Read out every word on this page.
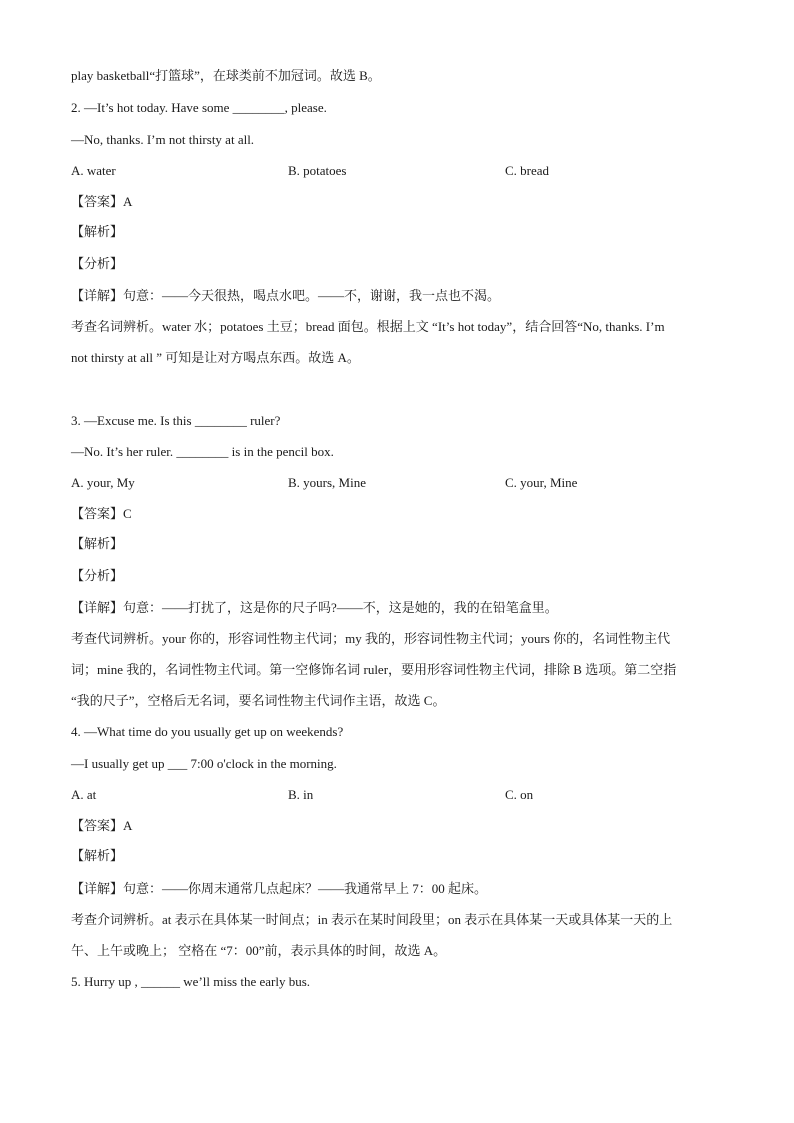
play basketball“打篮球”，在球类前不加冠词。故选 B。
2. —It’s hot today. Have some ________, please.
—No, thanks. I’m not thirsty at all.
A. water	B. potatoes	C. bread
【答案】A
【解析】
【分析】
【详解】句意：——今天很热，喝点水吧。——不，谢谢，我一点也不渴。
考查名词辨析。water 水；potatoes 土豆；bread 面包。根据上文 “It’s hot today”，结合回答“No, thanks. I’m
not thirsty at all ” 可知是让对方喝点东西。故选 A。
3. —Excuse me. Is this ________ ruler?
—No. It’s her ruler. ________ is in the pencil box.
A. your, My	B. yours, Mine	C. your, Mine
【答案】C
【解析】
【分析】
【详解】句意：——打扰了，这是你的尺子吗?——不，这是她的，我的在铅笔盒里。
考查代词辨析。your 你的，形容词性物主代词；my 我的，形容词性物主代词；yours 你的，名词性物主代
词；mine 我的，名词性物主代词。第一空修饰名词 ruler，要用形容词性物主代词，排除 B 选项。第二空指
“我的尺子”，空格后无名词，要名词性物主代词作主语，故选 C。
4. —What time do you usually get up on weekends?
—I usually get up ___ 7:00 o'clock in the morning.
A. at	B. in	C. on
【答案】A
【解析】
【详解】句意：——你周末通常几点起床？——我通常早上 7：00 起床。
考查介词辨析。at 表示在具体某一时间点；in 表示在某时间段里；on 表示在具体某一天或具体某一天的上
午、上午或晚上； 空格在 “7：00”前，表示具体的时间，故选 A。
5. Hurry up , ______ we’ll miss the early bus.
